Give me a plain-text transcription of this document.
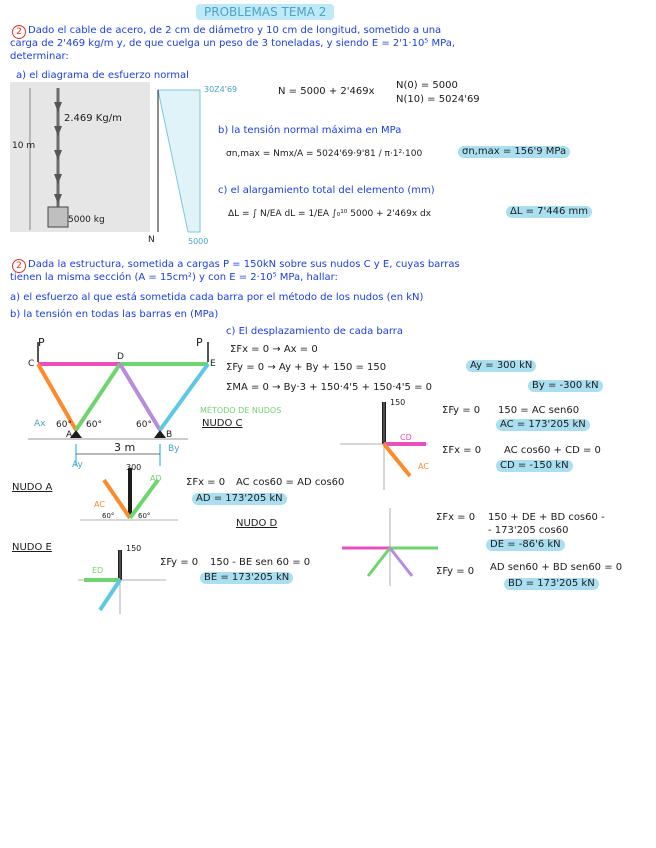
PROBLEMAS TEMA 2
2 Dado el cable de acero, de 2 cm de diámetro y 10 cm de longitud, sometido a una
carga de 2'469 kg/m y, de que cuelga un peso de 3 toneladas, y siendo E = 2'1·10⁵ MPa,
determinar:
a) el diagrama de esfuerzo normal
2.469 Kg/m
10 m
5000 kg
30Z4'69
5000
N
N = 5000 + 2'469x
N(0) = 5000
N(10) = 5024'69
b) la tensión normal máxima en MPa
σn,max = Nmx/A = 5024'69·9'81 / π·1²·100	σn,max = 156'9 MPa
c) el alargamiento total del elemento (mm)
ΔL = ∫ N/EA dL = 1/EA ∫₀¹⁰ 5000 + 2'469x dx	ΔL = 7'446 mm
2 Dada la estructura, sometida a cargas P = 150kN sobre sus nudos C y E, cuyas barras
tienen la misma sección (A = 15cm²) y con E = 2·10⁵ MPa, hallar:
a) el esfuerzo al que está sometida cada barra por el método de los nudos (en kN)
b) la tensión en todas las barras en (MPa)
c) El desplazamiento de cada barra
P	P
C
D
E
A	B
60° 60°	60°
3 m
Ax
Ay
By
ΣFx = 0 → Ax = 0
ΣFy = 0 → Ay + By + 150 = 150	Ay = 300 kN
ΣMA = 0 → By·3 + 150·4'5 + 150·4'5 = 0	By = -300 kN
MÉTODO DE NUDOS
NUDO C
150
CD
AC
ΣFy = 0 150 = AC sen60
AC = 173'205 kN
ΣFx = 0 AC cos60 + CD = 0
CD = -150 kN
NUDO A
300
AC
AD
60°	60°
ΣFx = 0 AC cos60 = AD cos60
AD = 173'205 kN
NUDO D
ΣFx = 0 150 + DE + BD cos60 -
- 173'205 cos60
DE = -86'6 kN
ΣFy = 0 AD sen60 + BD sen60 = 0
BD = 173'205 kN
NUDO E	150
ED
ΣFy = 0 150 - BE sen 60 = 0
BE = 173'205 kN
